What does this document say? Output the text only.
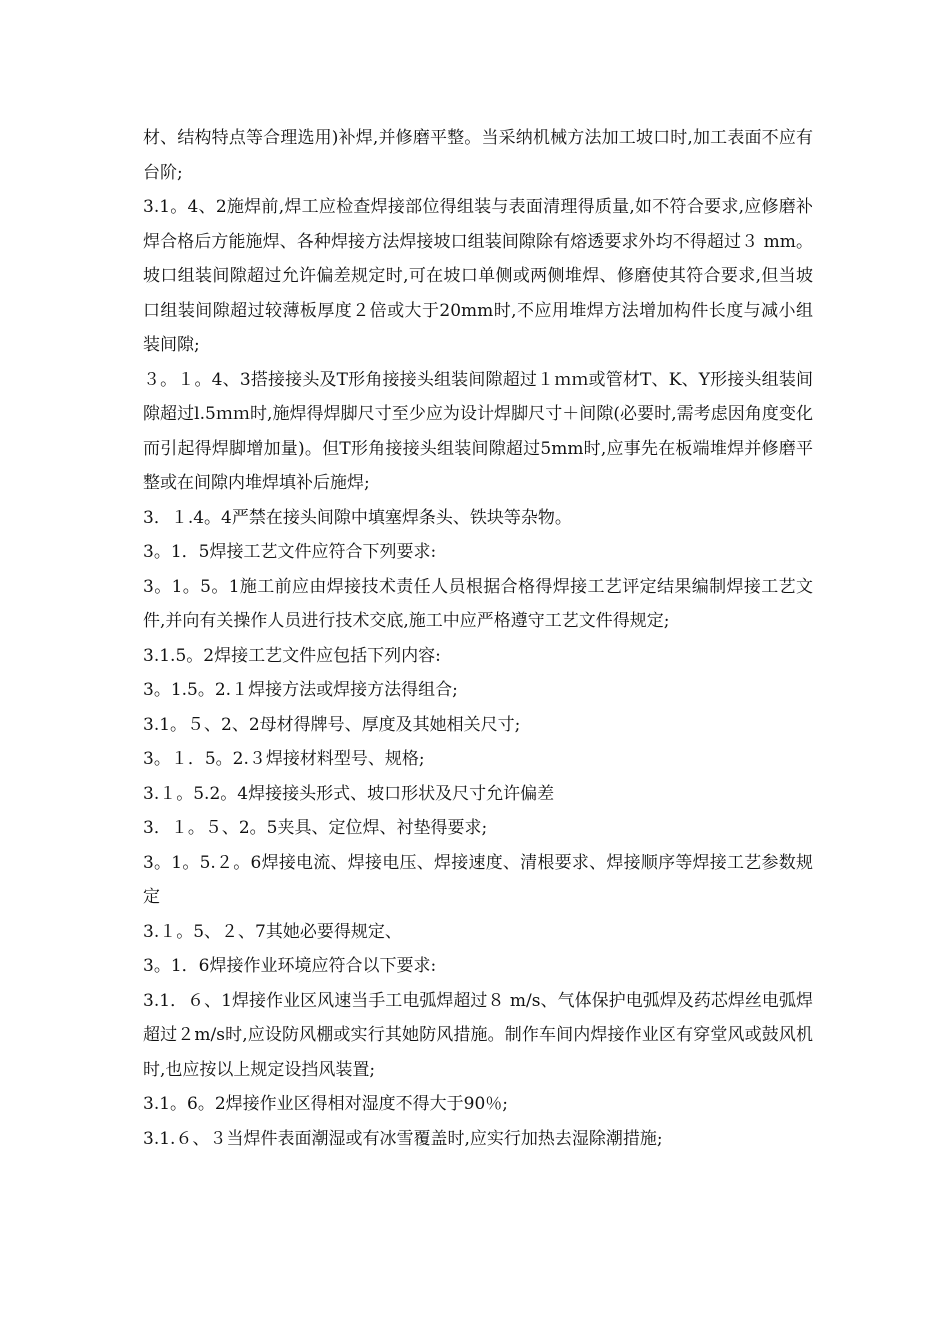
材、结构特点等合理选用)补焊,并修磨平整。当采纳机械方法加工坡口时,加工表面不应有台阶;

3.1。4、2施焊前,焊工应检查焊接部位得组装与表面清理得质量,如不符合要求,应修磨补焊合格后方能施焊、各种焊接方法焊接坡口组装间隙除有熔透要求外均不得超过３ mm。坡口组装间隙超过允许偏差规定时,可在坡口单侧或两侧堆焊、修磨使其符合要求,但当坡口组装间隙超过较薄板厚度２倍或大于20mm时,不应用堆焊方法增加构件长度与减小组装间隙;

３。１。4、3搭接接头及T形角接接头组装间隙超过１ｍｍ或管材T、K、Y形接头组装间隙超过l.5ｍｍ时,施焊得焊脚尺寸至少应为设计焊脚尺寸＋间隙(必要时,需考虑因角度变化而引起得焊脚增加量)。但T形角接接头组装间隙超过5mm时,应事先在板端堆焊并修磨平整或在间隙内堆焊填补后施焊;

3．１.4。4严禁在接头间隙中填塞焊条头、铁块等杂物。

3。1．5焊接工艺文件应符合下列要求:

3。1。5。1施工前应由焊接技术责任人员根据合格得焊接工艺评定结果编制焊接工艺文件,并向有关操作人员进行技术交底,施工中应严格遵守工艺文件得规定;

3.1.5。2焊接工艺文件应包括下列内容:

3。1.5。2.１焊接方法或焊接方法得组合;

3.1。５、2、2母材得牌号、厚度及其她相关尺寸;

3。１．5。2.３焊接材料型号、规格;

3.１。5.2。4焊接接头形式、坡口形状及尺寸允许偏差

3．１。５、2。5夹具、定位焊、衬垫得要求;

3。1。5.２。6焊接电流、焊接电压、焊接速度、清根要求、焊接顺序等焊接工艺参数规定

3.１。5、２、7其她必要得规定、

3。1．6焊接作业环境应符合以下要求:

3.1．６、1焊接作业区风速当手工电弧焊超过８ m/s、气体保护电弧焊及药芯焊丝电弧焊超过２m/s时,应设防风棚或实行其她防风措施。制作车间内焊接作业区有穿堂风或鼓风机时,也应按以上规定设挡风装置;

3.1。6。2焊接作业区得相对湿度不得大于90％;

3.1.６、３当焊件表面潮湿或有冰雪覆盖时,应实行加热去湿除潮措施;
